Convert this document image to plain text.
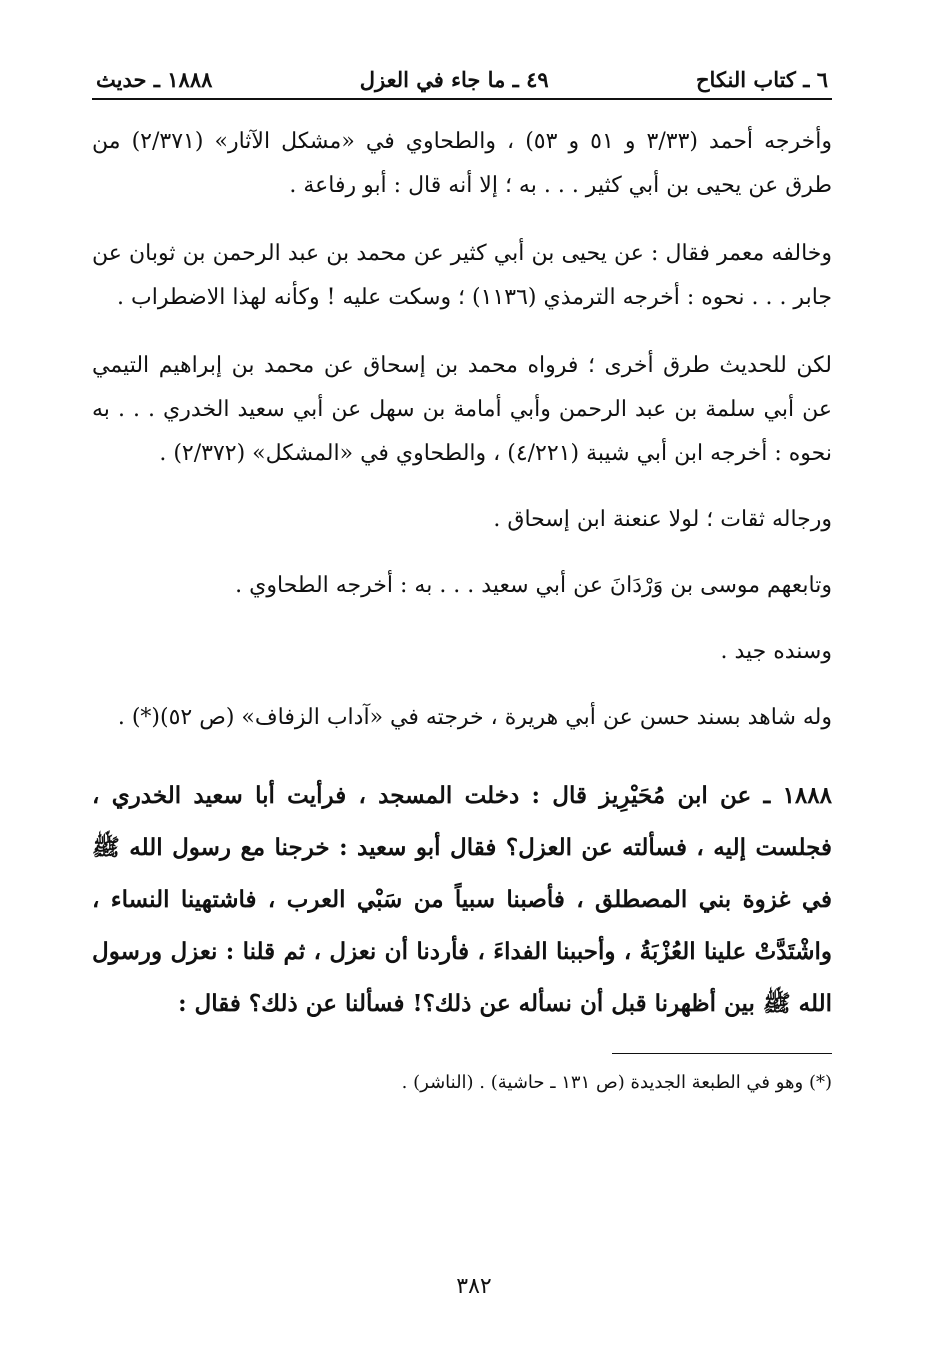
٦ ـ كتاب النكاح
٤٩ ـ ما جاء في العزل
١٨٨٨ ـ حديث

وأخرجه أحمد (٣/٣٣ و ٥١ و ٥٣) ، والطحاوي في «مشكل الآثار» (٢/٣٧١) من طرق عن يحيى بن أبي كثير . . . به ؛ إلا أنه قال : أبو رفاعة .

وخالفه معمر فقال : عن يحيى بن أبي كثير عن محمد بن عبد الرحمن بن ثوبان عن جابر . . . نحوه : أخرجه الترمذي (١١٣٦) ؛ وسكت عليه ! وكأنه لهذا الاضطراب .

لكن للحديث طرق أخرى ؛ فرواه محمد بن إسحاق عن محمد بن إبراهيم التيمي عن أبي سلمة بن عبد الرحمن وأبي أمامة بن سهل عن أبي سعيد الخدري . . . به نحوه : أخرجه ابن أبي شيبة (٤/٢٢١) ، والطحاوي في «المشكل» (٢/٣٧٢) .

ورجاله ثقات ؛ لولا عنعنة ابن إسحاق .

وتابعهم موسى بن وَرْدَانَ عن أبي سعيد . . . به : أخرجه الطحاوي .

وسنده جيد .

وله شاهد بسند حسن عن أبي هريرة ، خرجته في «آداب الزفاف» (ص ٥٢)(*) .

١٨٨٨ ـ عن ابن مُحَيْرِيز قال : دخلت المسجد ، فرأيت أبا سعيد الخدري ، فجلست إليه ، فسألته عن العزل؟ فقال أبو سعيد : خرجنا مع رسول الله ﷺ في غزوة بني المصطلق ، فأصبنا سبياً من سَبْي العرب ، فاشتهينا النساء ، واشْتَدَّتْ علينا العُزْبَةُ ، وأحببنا الفداءَ ، فأردنا أن نعزل ، ثم قلنا : نعزل ورسول الله ﷺ بين أظهرنا قبل أن نسأله عن ذلك؟! فسألنا عن ذلك؟ فقال :

(*) وهو في الطبعة الجديدة (ص ١٣١ ـ حاشية) . (الناشر) .

٣٨٢
